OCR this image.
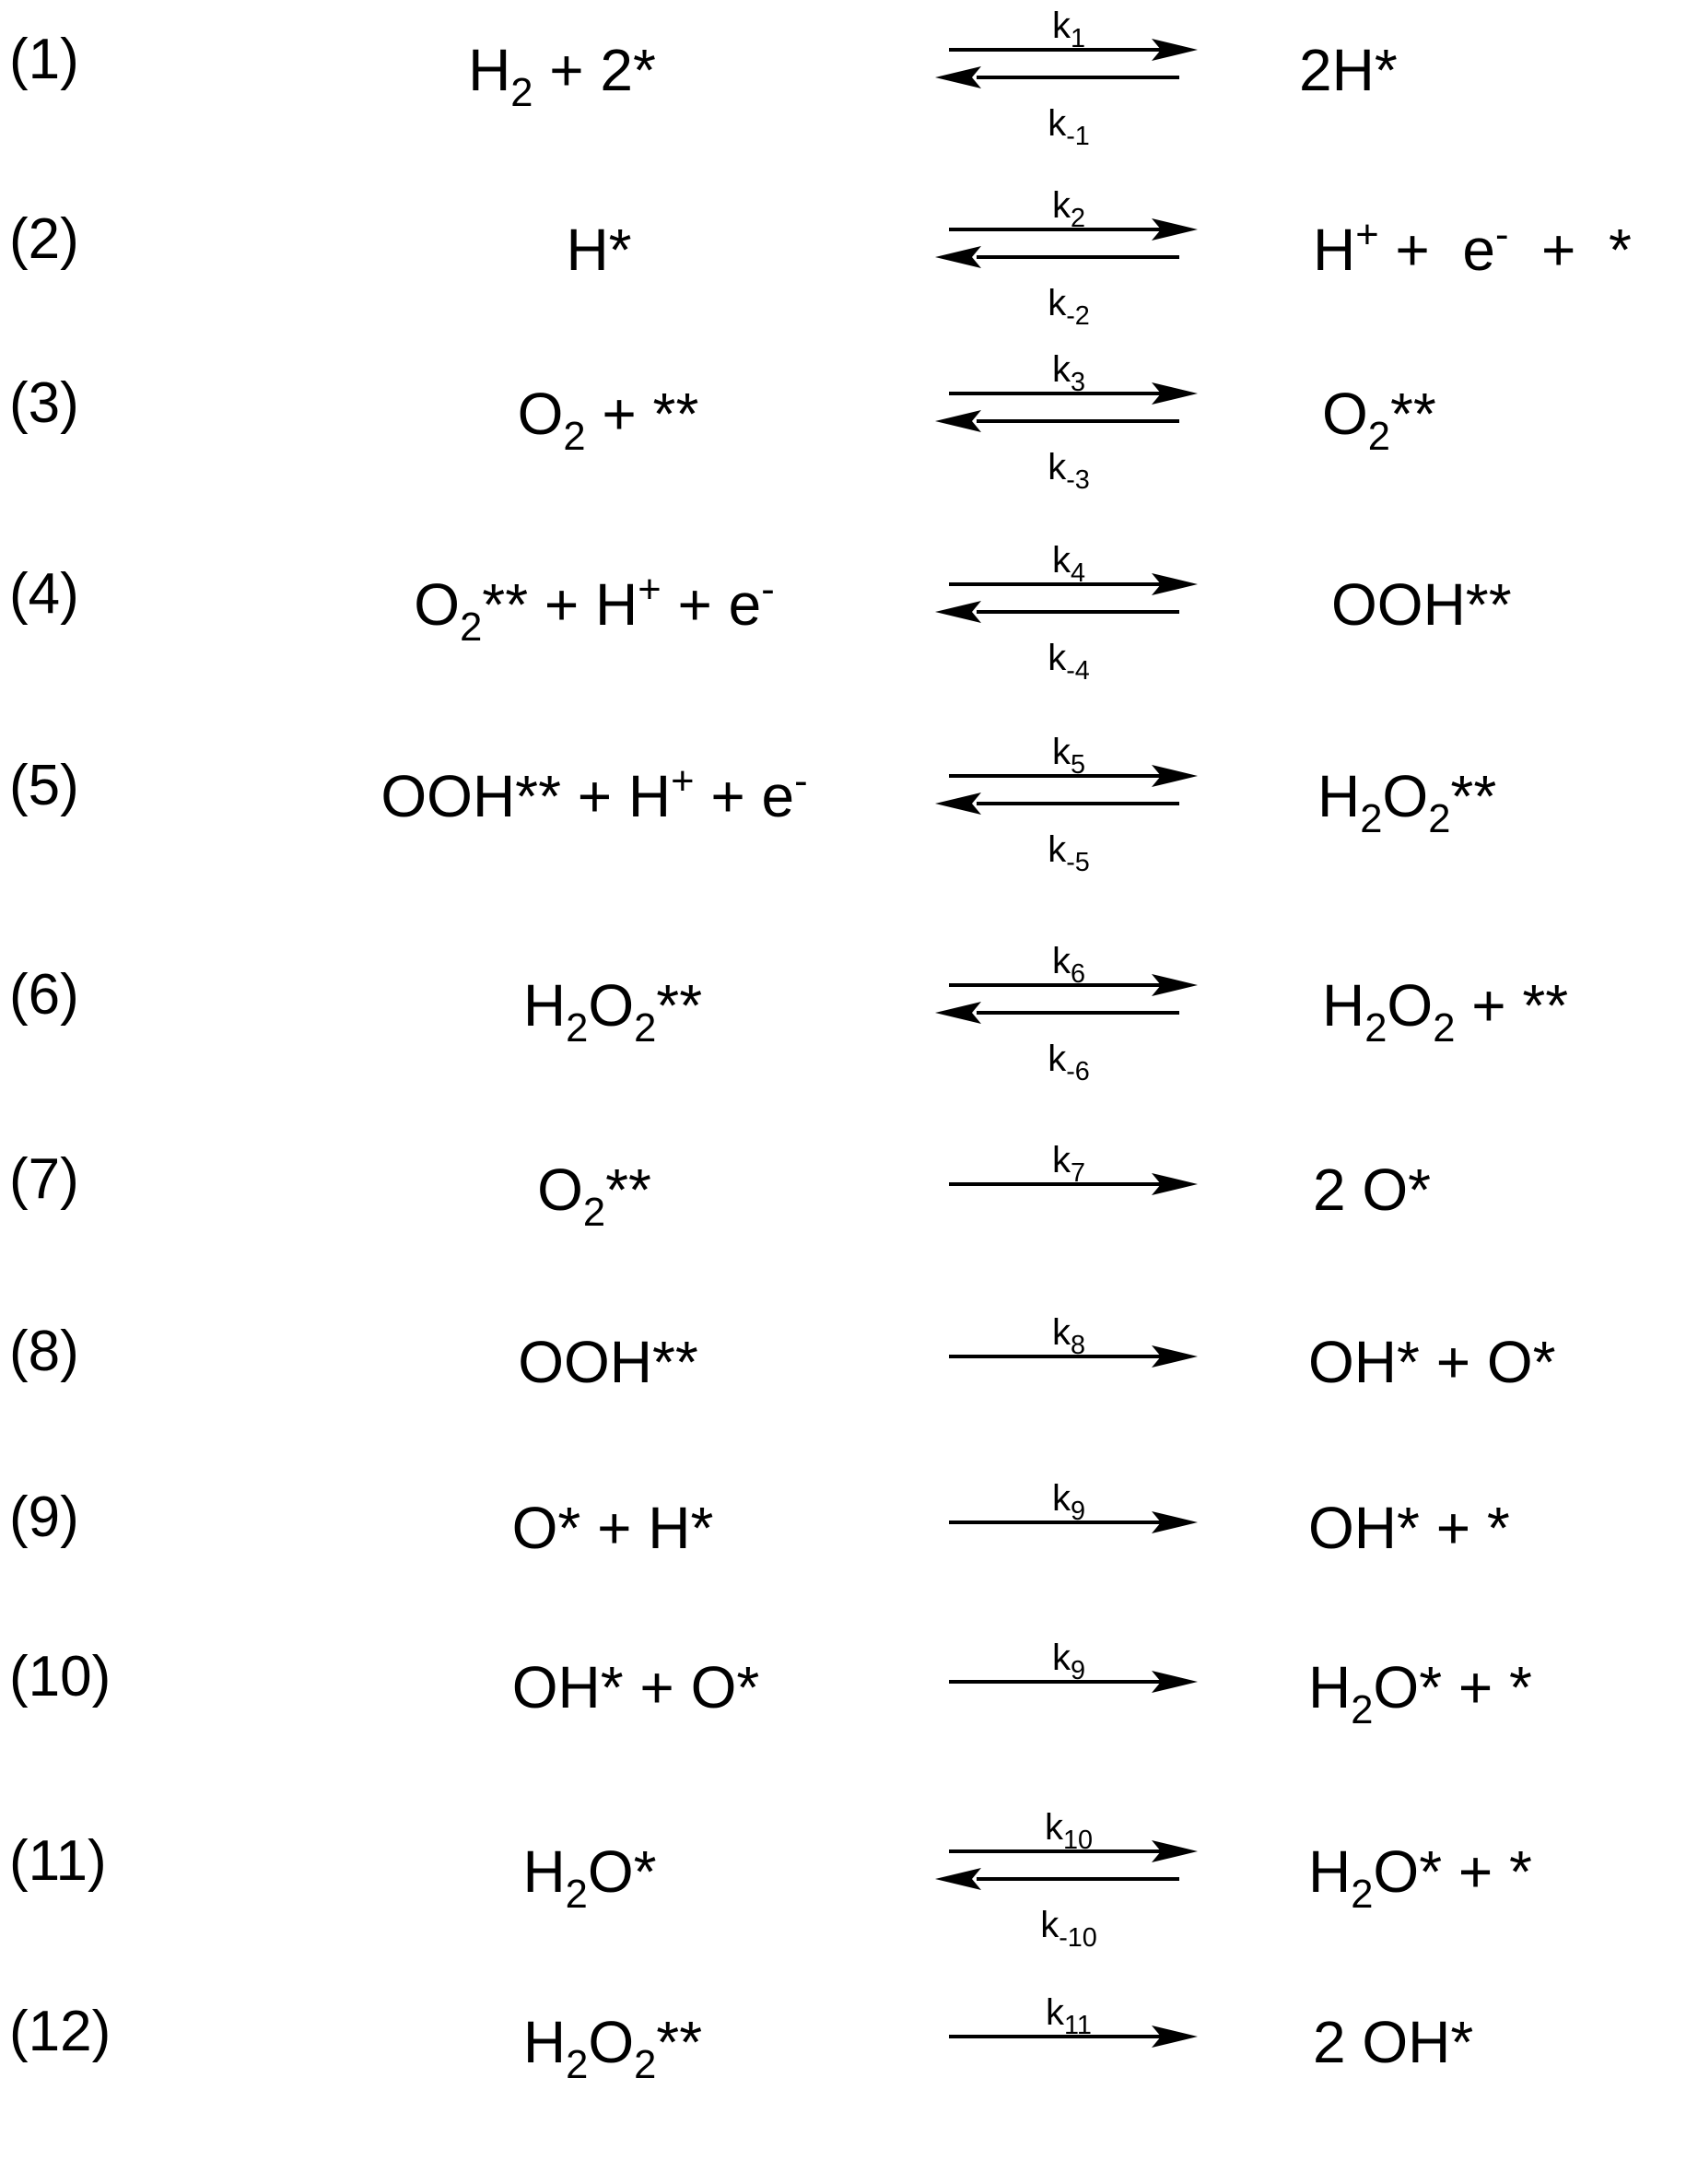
(1)	$H_2 + 2*$	2H*
$k_1$
$k_{-1}$
(2)	H*	H+ +  e-  +  *
$k_2$
$k_{-2}$
(3)	$O_2$ + **	$O_2**$
$k_3$
$k_{-3}$
(4)	$O_2** + H^+ + e^-$	OOH**
$k_4$
$k_{-4}$
(5)	OOH** + H+ + e-	$H_2O_2**$
$k_5$
$k_{-5}$
(6)	$H_2O_2**$	$H_2O_2$ + **
$k_6$
$k_{-6}$
(7)	$O_2**$	2 O*
$k_7$
(8)	OOH**	OH* + O*
$k_8$
(9)	O* + H*	OH* + *
$k_9$
(10)	OH* + O*	$H_2O*$ + *
$k_9$
(11)	$H_2O*$	$H_2O*$ + *
$k_{10}$
$k_{-10}$
(12)	$H_2O_2**$	2 OH*
$k_{11}$
